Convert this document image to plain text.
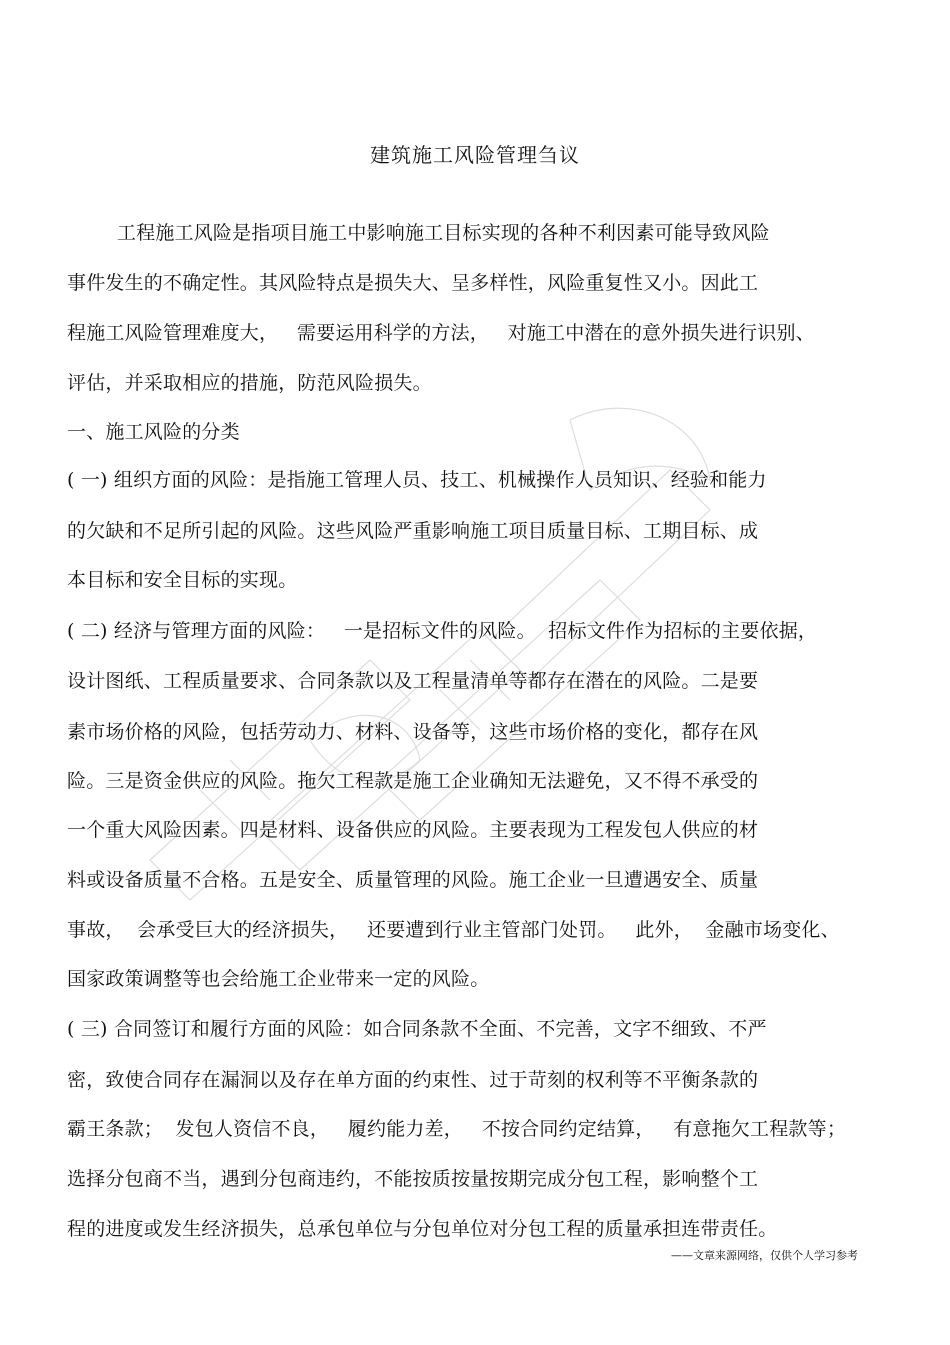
建筑施工风险管理刍议
工程施工风险是指项目施工中影响施工目标实现的各种不利因素可能导致风险
事件发生的不确定性。其风险特点是损失大、呈多样性，风险重复性又小。因此工
程施工风险管理难度大，   需要运用科学的方法，   对施工中潜在的意外损失进行识别、
评估，并采取相应的措施，防范风险损失。
一、施工风险的分类
( 一) 组织方面的风险：是指施工管理人员、技工、机械操作人员知识、经验和能力
的欠缺和不足所引起的风险。这些风险严重影响施工项目质量目标、工期目标、成
本目标和安全目标的实现。
( 二) 经济与管理方面的风险：   一是招标文件的风险。  招标文件作为招标的主要依据，
设计图纸、工程质量要求、合同条款以及工程量清单等都存在潜在的风险。二是要
素市场价格的风险，包括劳动力、材料、设备等，这些市场价格的变化，都存在风
险。三是资金供应的风险。拖欠工程款是施工企业确知无法避免，又不得不承受的
一个重大风险因素。四是材料、设备供应的风险。主要表现为工程发包人供应的材
料或设备质量不合格。五是安全、质量管理的风险。施工企业一旦遭遇安全、质量
事故，  会承受巨大的经济损失，   还要遭到行业主管部门处罚。   此外，  金融市场变化、
国家政策调整等也会给施工企业带来一定的风险。
( 三) 合同签订和履行方面的风险：如合同条款不全面、不完善，文字不细致、不严
密，致使合同存在漏洞以及存在单方面的约束性、过于苛刻的权利等不平衡条款的
霸王条款；  发包人资信不良，   履约能力差，   不按合同约定结算，   有意拖欠工程款等；
选择分包商不当，遇到分包商违约，不能按质按量按期完成分包工程，影响整个工
程的进度或发生经济损失，总承包单位与分包单位对分包工程的质量承担连带责任。
——文章来源网络，仅供个人学习参考
